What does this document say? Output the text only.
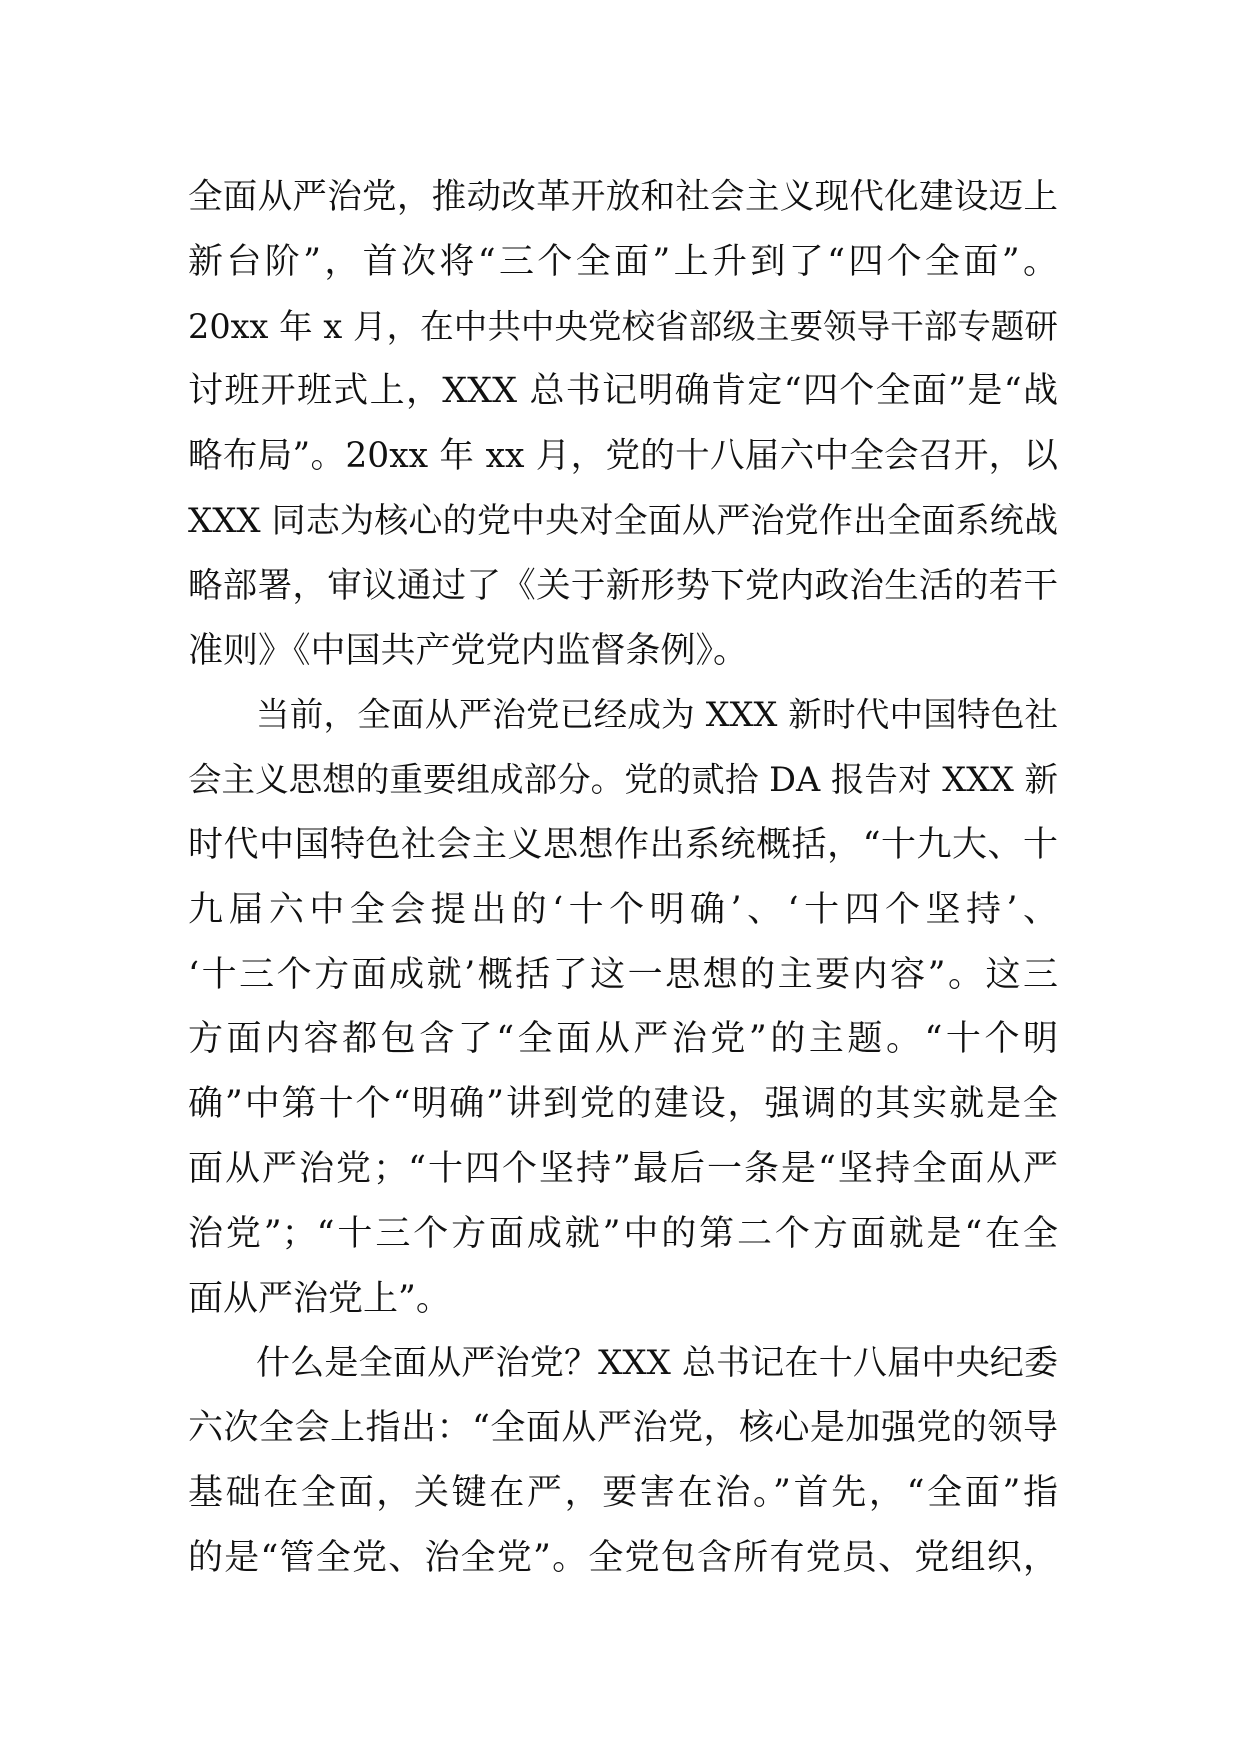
全面从严治党，推动改革开放和社会主义现代化建设迈上
新台阶”，首次将“三个全面”上升到了“四个全面”。
20xx 年 x 月，在中共中央党校省部级主要领导干部专题研
讨班开班式上，XXX 总书记明确肯定“四个全面”是“战
略布局”。20xx 年 xx 月，党的十八届六中全会召开，以
XXX 同志为核心的党中央对全面从严治党作出全面系统战
略部署，审议通过了《关于新形势下党内政治生活的若干
准则》《中国共产党党内监督条例》。
当前，全面从严治党已经成为 XXX 新时代中国特色社
会主义思想的重要组成部分。党的贰拾 DA 报告对 XXX 新
时代中国特色社会主义思想作出系统概括，“十九大、十
九届六中全会提出的‘十个明确’、‘十四个坚持’、
‘十三个方面成就’概括了这一思想的主要内容”。这三
方面内容都包含了“全面从严治党”的主题。“十个明
确”中第十个“明确”讲到党的建设，强调的其实就是全
面从严治党；“十四个坚持”最后一条是“坚持全面从严
治党”；“十三个方面成就”中的第二个方面就是“在全
面从严治党上”。
什么是全面从严治党？XXX 总书记在十八届中央纪委
六次全会上指出：“全面从严治党，核心是加强党的领导
基础在全面，关键在严，要害在治。”首先，“全面”指
的是“管全党、治全党”。全党包含所有党员、党组织，
